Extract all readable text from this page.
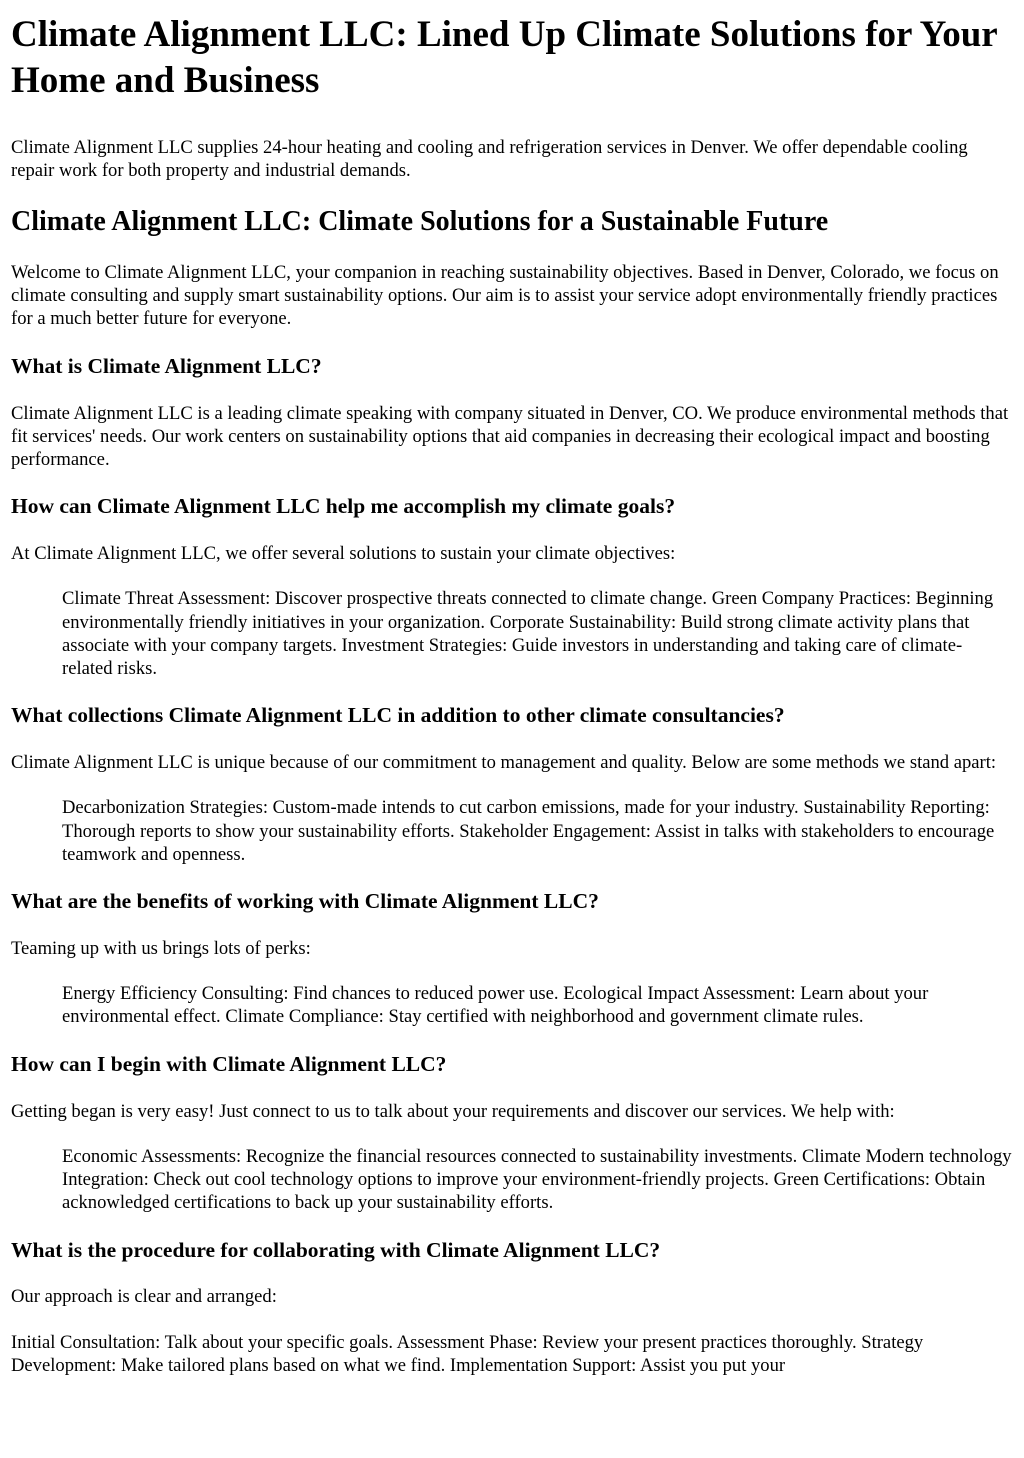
Climate Alignment LLC: Lined Up Climate Solutions for Your Home and Business

Climate Alignment LLC supplies 24-hour heating and cooling and refrigeration services in Denver. We offer dependable cooling repair work for both property and industrial demands.

Climate Alignment LLC: Climate Solutions for a Sustainable Future

Welcome to Climate Alignment LLC, your companion in reaching sustainability objectives. Based in Denver, Colorado, we focus on climate consulting and supply smart sustainability options. Our aim is to assist your service adopt environmentally friendly practices for a much better future for everyone.

What is Climate Alignment LLC?

Climate Alignment LLC is a leading climate speaking with company situated in Denver, CO. We produce environmental methods that fit services' needs. Our work centers on sustainability options that aid companies in decreasing their ecological impact and boosting performance.

How can Climate Alignment LLC help me accomplish my climate goals?

At Climate Alignment LLC, we offer several solutions to sustain your climate objectives:

Climate Threat Assessment: Discover prospective threats connected to climate change. Green Company Practices: Beginning environmentally friendly initiatives in your organization. Corporate Sustainability: Build strong climate activity plans that associate with your company targets. Investment Strategies: Guide investors in understanding and taking care of climate-related risks.
What collections Climate Alignment LLC in addition to other climate consultancies?

Climate Alignment LLC is unique because of our commitment to management and quality. Below are some methods we stand apart:

Decarbonization Strategies: Custom-made intends to cut carbon emissions, made for your industry. Sustainability Reporting: Thorough reports to show your sustainability efforts. Stakeholder Engagement: Assist in talks with stakeholders to encourage teamwork and openness.
What are the benefits of working with Climate Alignment LLC?

Teaming up with us brings lots of perks:

Energy Efficiency Consulting: Find chances to reduced power use. Ecological Impact Assessment: Learn about your environmental effect. Climate Compliance: Stay certified with neighborhood and government climate rules.
How can I begin with Climate Alignment LLC?

Getting began is very easy! Just connect to us to talk about your requirements and discover our services. We help with:

Economic Assessments: Recognize the financial resources connected to sustainability investments. Climate Modern technology Integration: Check out cool technology options to improve your environment-friendly projects. Green Certifications: Obtain acknowledged certifications to back up your sustainability efforts.
What is the procedure for collaborating with Climate Alignment LLC?

Our approach is clear and arranged:

Initial Consultation: Talk about your specific goals. Assessment Phase: Review your present practices thoroughly. Strategy Development: Make tailored plans based on what we find. Implementation Support: Assist you put your
